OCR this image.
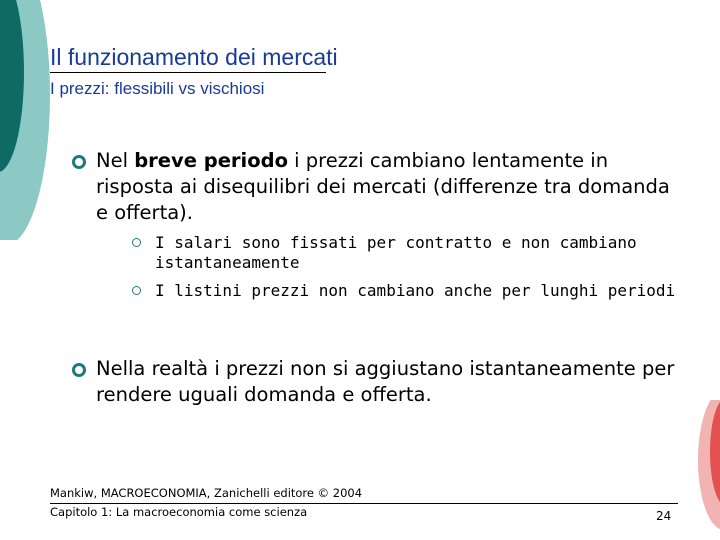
Il funzionamento dei mercati
I prezzi: flessibili vs vischiosi
Nel breve periodo i prezzi cambiano lentamente in risposta ai disequilibri dei mercati (differenze tra domanda e offerta).
I salari sono fissati per contratto e non cambiano istantaneamente
I listini prezzi non cambiano anche per lunghi periodi
Nella realtà i prezzi non si aggiustano istantaneamente per rendere uguali domanda e offerta.
Mankiw, MACROECONOMIA, Zanichelli editore © 2004
Capitolo 1: La macroeconomia come scienza	24
